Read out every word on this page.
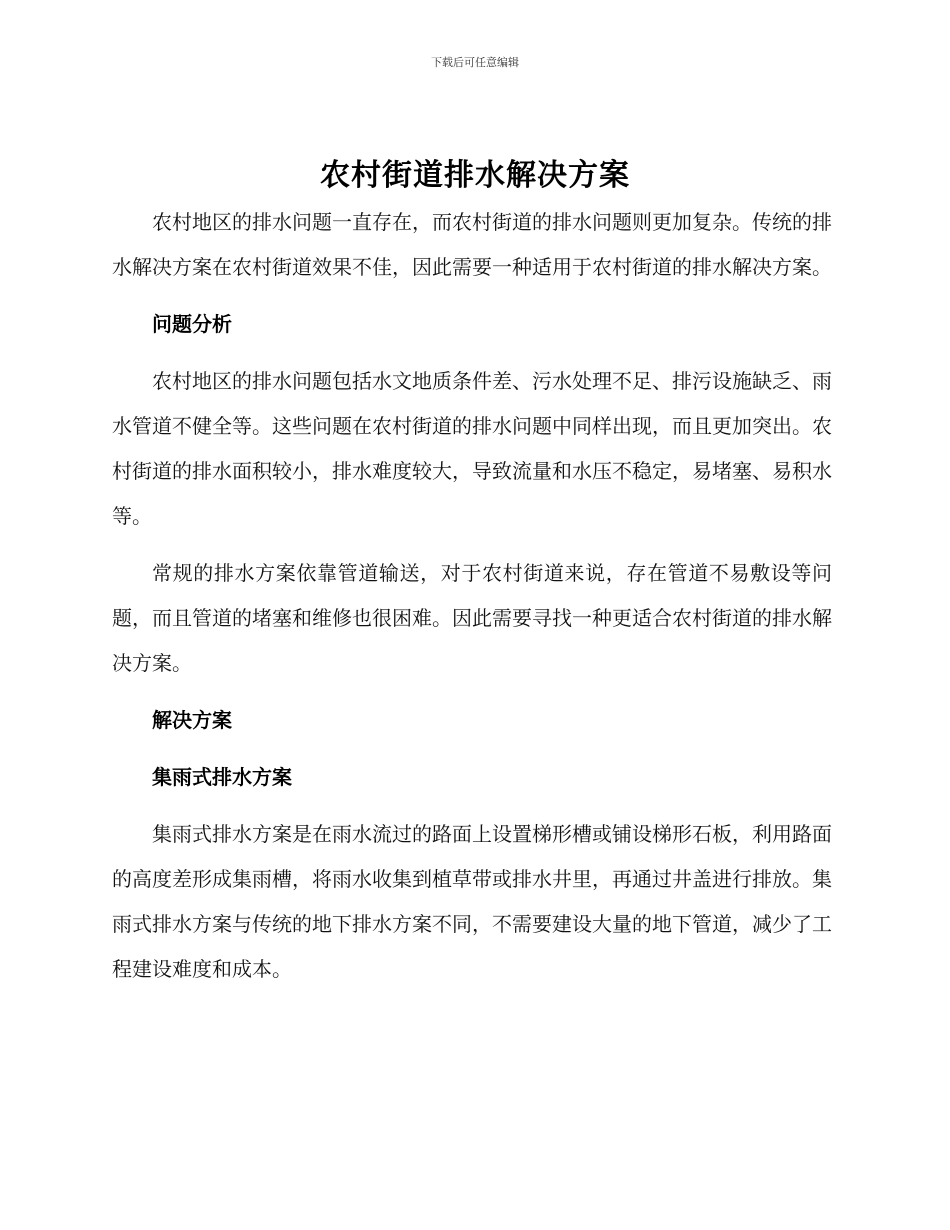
下载后可任意编辑
农村街道排水解决方案

农村地区的排水问题一直存在，而农村街道的排水问题则更加复杂。传统的排水解决方案在农村街道效果不佳，因此需要一种适用于农村街道的排水解决方案。

问题分析

农村地区的排水问题包括水文地质条件差、污水处理不足、排污设施缺乏、雨水管道不健全等。这些问题在农村街道的排水问题中同样出现，而且更加突出。农村街道的排水面积较小，排水难度较大，导致流量和水压不稳定，易堵塞、易积水等。

常规的排水方案依靠管道输送，对于农村街道来说，存在管道不易敷设等问题，而且管道的堵塞和维修也很困难。因此需要寻找一种更适合农村街道的排水解决方案。

解决方案

集雨式排水方案

集雨式排水方案是在雨水流过的路面上设置梯形槽或铺设梯形石板，利用路面的高度差形成集雨槽，将雨水收集到植草带或排水井里，再通过井盖进行排放。集雨式排水方案与传统的地下排水方案不同，不需要建设大量的地下管道，减少了工程建设难度和成本。
